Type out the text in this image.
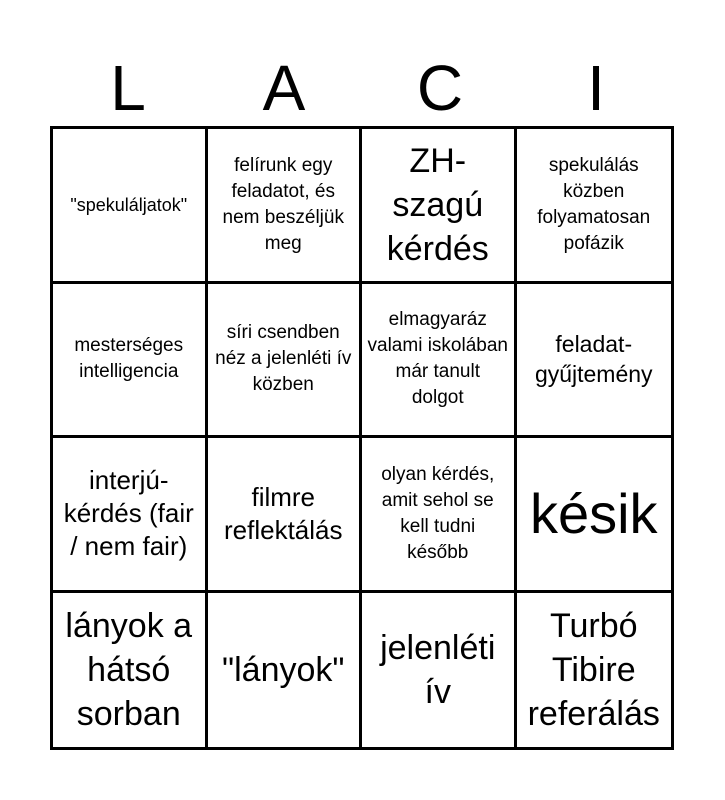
L	A	C	I
"spekuláljatok"
felírunk egy feladatot, és nem beszéljük meg
ZH-szagú kérdés
spekulálás közben folyamatosan pofázik
mesterséges intelligencia
síri csendben néz a jelenléti ív közben
elmagyaráz valami iskolában már tanult dolgot
feladat-gyűjtemény
interjú-kérdés (fair / nem fair)
filmre reflektálás
olyan kérdés, amit sehol se kell tudni később
késik
lányok a hátsó sorban
"lányok"
jelenléti ív
Turbó Tibire referálás
